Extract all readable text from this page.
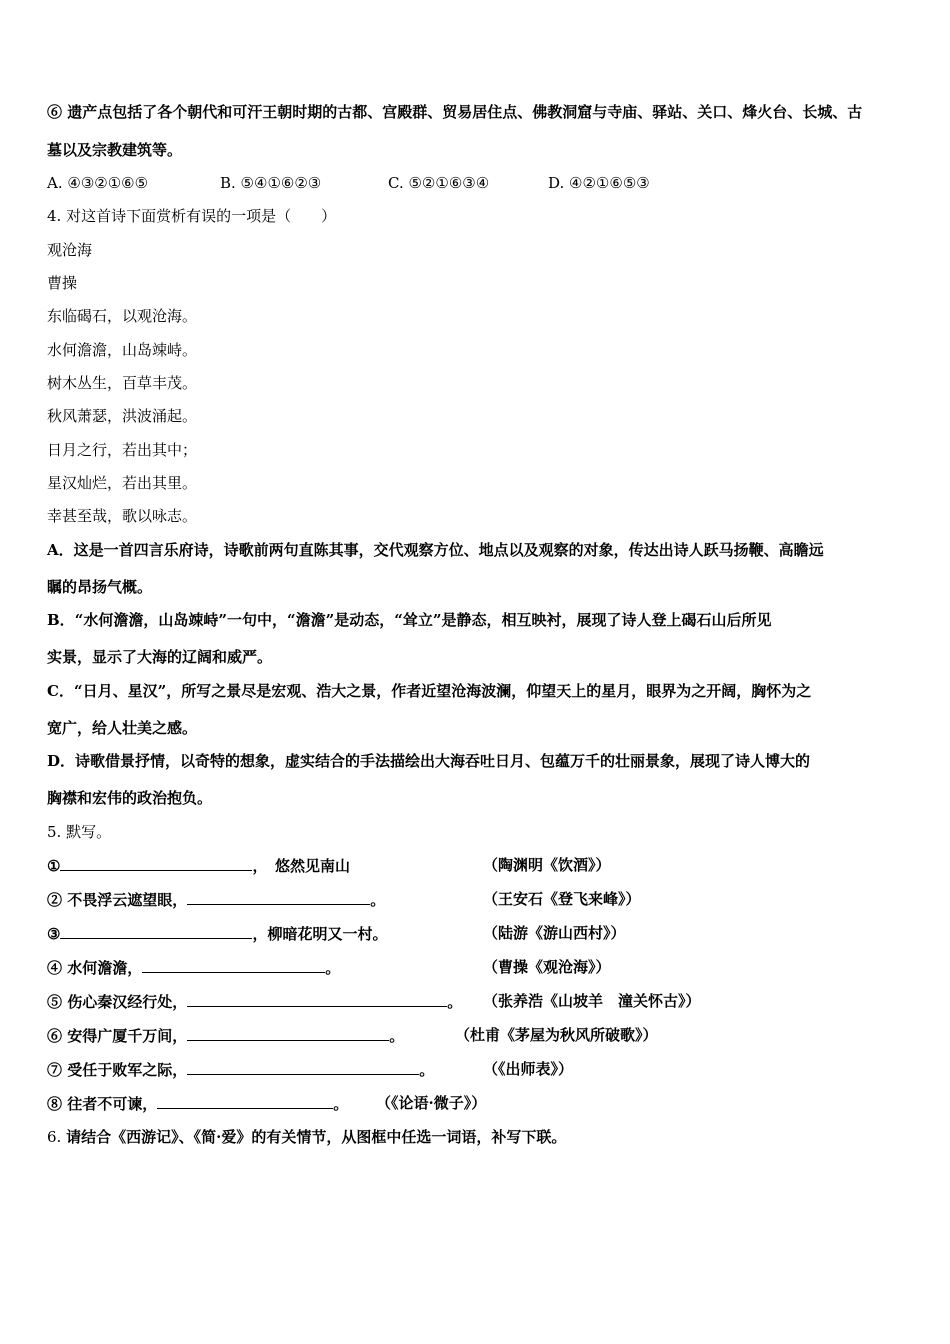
⑥ 遗产点包括了各个朝代和可汗王朝时期的古都、宫殿群、贸易居住点、佛教洞窟与寺庙、驿站、关口、烽火台、长城、古
墓以及宗教建筑等。
A. ④③②①⑥⑤	B. ⑤④①⑥②③	C. ⑤②①⑥③④	D. ④②①⑥⑤③
4. 对这首诗下面赏析有误的一项是（　　）
观沧海
曹操
东临碣石，以观沧海。
水何澹澹，山岛竦峙。
树木丛生，百草丰茂。
秋风萧瑟，洪波涌起。
日月之行，若出其中；
星汉灿烂，若出其里。
幸甚至哉，歌以咏志。
A．这是一首四言乐府诗，诗歌前两句直陈其事，交代观察方位、地点以及观察的对象，传达出诗人跃马扬鞭、高瞻远
瞩的昂扬气概。
B．“水何澹澹，山岛竦峙”一句中，“澹澹”是动态，“耸立”是静态，相互映衬，展现了诗人登上碣石山后所见
实景，显示了大海的辽阔和威严。
C．“日月、星汉”，所写之景尽是宏观、浩大之景，作者近望沧海波澜，仰望天上的星月，眼界为之开阔，胸怀为之
宽广，给人壮美之感。
D．诗歌借景抒情，以奇特的想象，虚实结合的手法描绘出大海吞吐日月、包蕴万千的壮丽景象，展现了诗人博大的
胸襟和宏伟的政治抱负。
5. 默写。
①	，　悠然见南山	（陶渊明《饮酒》）
② 不畏浮云遮望眼，	。	（王安石《登飞来峰》）
③	，柳暗花明又一村。	（陆游《游山西村》）
④ 水何澹澹，	。	（曹操《观沧海》）
⑤ 伤心秦汉经行处，	。 （张养浩《山坡羊　潼关怀古》）
⑥ 安得广厦千万间，	。	（杜甫《茅屋为秋风所破歌》）
⑦ 受任于败军之际，	。	（《出师表》）
⑧ 往者不可谏，	。 （《论语·微子》）
6. 请结合《西游记》、《简·爱》的有关情节，从图框中任选一词语，补写下联。
